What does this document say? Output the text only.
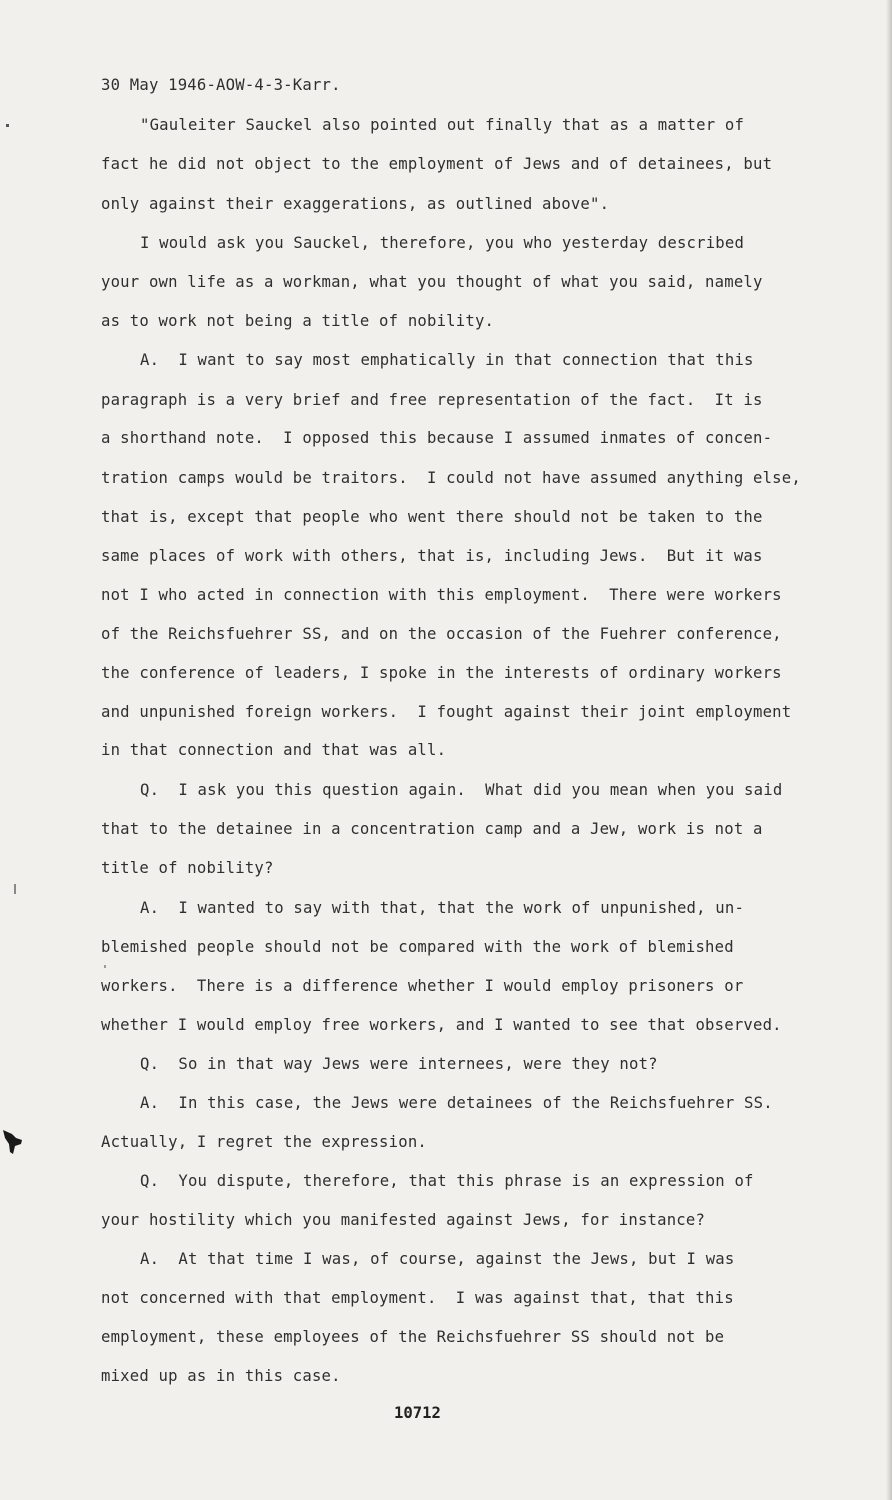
30 May 1946-AOW-4-3-Karr.
"Gauleiter Sauckel also pointed out finally that as a matter of
fact he did not object to the employment of Jews and of detainees, but
only against their exaggerations, as outlined above".
I would ask you Sauckel, therefore, you who yesterday described
your own life as a workman, what you thought of what you said, namely
as to work not being a title of nobility.
A.  I want to say most emphatically in that connection that this
paragraph is a very brief and free representation of the fact.  It is
a shorthand note.  I opposed this because I assumed inmates of concen-
tration camps would be traitors.  I could not have assumed anything else,
that is, except that people who went there should not be taken to the
same places of work with others, that is, including Jews.  But it was
not I who acted in connection with this employment.  There were workers
of the Reichsfuehrer SS, and on the occasion of the Fuehrer conference,
the conference of leaders, I spoke in the interests of ordinary workers
and unpunished foreign workers.  I fought against their joint employment
in that connection and that was all.
Q.  I ask you this question again.  What did you mean when you said
that to the detainee in a concentration camp and a Jew, work is not a
title of nobility?
A.  I wanted to say with that, that the work of unpunished, un-
blemished people should not be compared with the work of blemished
workers.  There is a difference whether I would employ prisoners or
whether I would employ free workers, and I wanted to see that observed.
Q.  So in that way Jews were internees, were they not?
A.  In this case, the Jews were detainees of the Reichsfuehrer SS.
Actually, I regret the expression.
Q.  You dispute, therefore, that this phrase is an expression of
your hostility which you manifested against Jews, for instance?
A.  At that time I was, of course, against the Jews, but I was
not concerned with that employment.  I was against that, that this
employment, these employees of the Reichsfuehrer SS should not be
mixed up as in this case.
10712
